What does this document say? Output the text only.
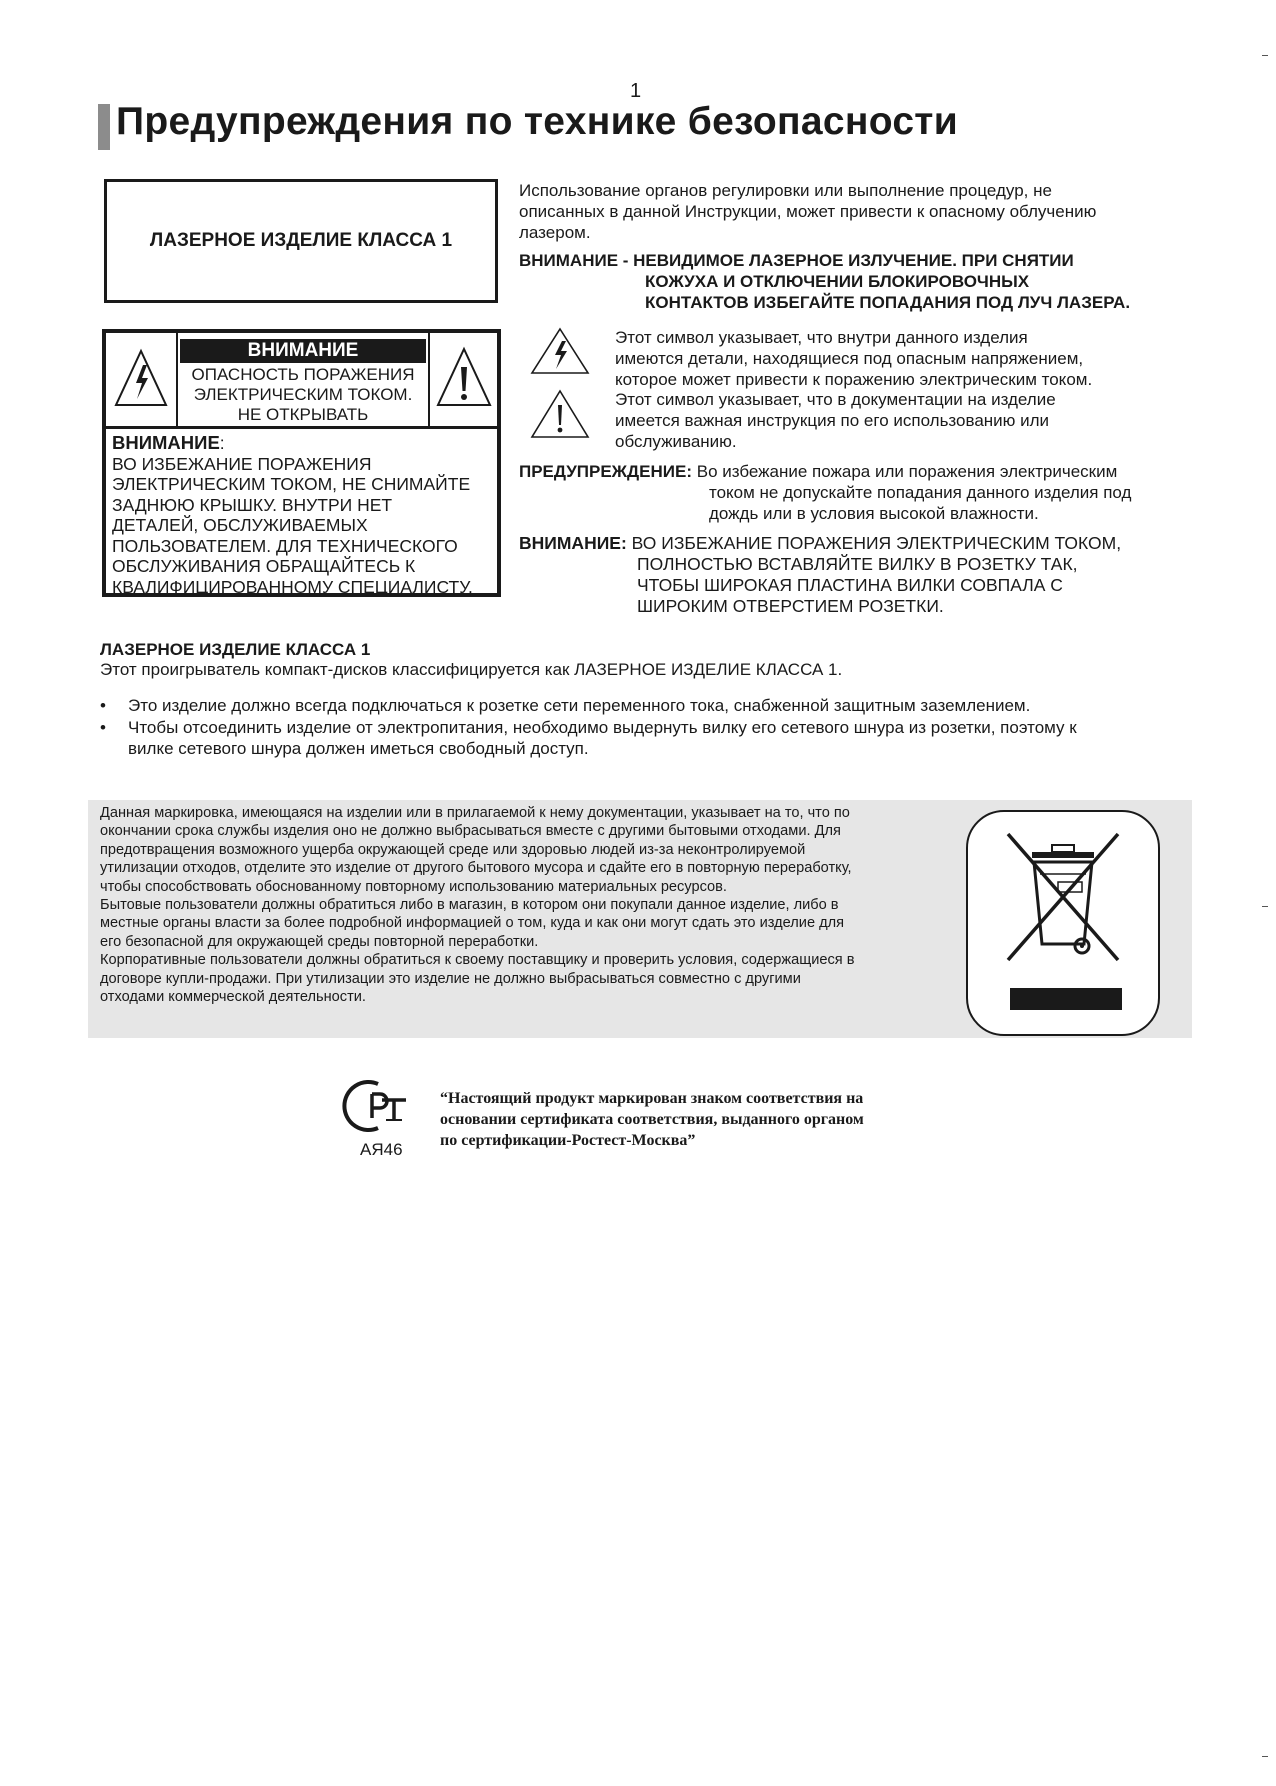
1
Предупреждения по технике безопасности
ЛАЗЕРНОЕ ИЗДЕЛИЕ КЛАССА 1
ВНИМАНИЕ
ОПАСНОСТЬ ПОРАЖЕНИЯ
ЭЛЕКТРИЧЕСКИМ ТОКОМ.
НЕ ОТКРЫВАТЬ
ВНИМАНИЕ:
ВО ИЗБЕЖАНИЕ ПОРАЖЕНИЯ
ЭЛЕКТРИЧЕСКИМ ТОКОМ, НЕ СНИМАЙТЕ
ЗАДНЮЮ КРЫШКУ. ВНУТРИ НЕТ
ДЕТАЛЕЙ, ОБСЛУЖИВАЕМЫХ
ПОЛЬЗОВАТЕЛЕМ. ДЛЯ ТЕХНИЧЕСКОГО
ОБСЛУЖИВАНИЯ ОБРАЩАЙТЕСЬ К
КВАЛИФИЦИРОВАННОМУ СПЕЦИАЛИСТУ.
Использование органов регулировки или выполнение процедур, не
описанных в данной Инструкции, может привести к опасному облучению
лазером.
ВНИМАНИЕ - НЕВИДИМОЕ ЛАЗЕРНОЕ ИЗЛУЧЕНИЕ. ПРИ СНЯТИИ
КОЖУХА И ОТКЛЮЧЕНИИ БЛОКИРОВОЧНЫХ
КОНТАКТОВ ИЗБЕГАЙТЕ ПОПАДАНИЯ ПОД ЛУЧ ЛАЗЕРА.
Этот символ указывает, что внутри данного изделия
имеются детали, находящиеся под опасным напряжением,
которое может привести к поражению электрическим током.
Этот символ указывает, что в документации на изделие
имеется важная инструкция по его использованию или
обслуживанию.
ПРЕДУПРЕЖДЕНИЕ: Во избежание пожара или поражения электрическим
током не допускайте попадания данного изделия под
дождь или в условия высокой влажности.
ВНИМАНИЕ: ВО ИЗБЕЖАНИЕ ПОРАЖЕНИЯ ЭЛЕКТРИЧЕСКИМ ТОКОМ,
ПОЛНОСТЬЮ ВСТАВЛЯЙТЕ ВИЛКУ В РОЗЕТКУ ТАК,
ЧТОБЫ ШИРОКАЯ ПЛАСТИНА ВИЛКИ СОВПАЛА С
ШИРОКИМ ОТВЕРСТИЕМ РОЗЕТКИ.
ЛАЗЕРНОЕ ИЗДЕЛИЕ КЛАССА 1
Этот проигрыватель компакт-дисков классифицируется как ЛАЗЕРНОЕ ИЗДЕЛИЕ КЛАССА 1.
•	Это изделие должно всегда подключаться к розетке сети переменного тока, снабженной защитным заземлением.
•	Чтобы отсоединить изделие от электропитания, необходимо выдернуть вилку его сетевого шнура из розетки, поэтому к
вилке сетевого шнура должен иметься свободный доступ.
Данная маркировка, имеющаяся на изделии или в прилагаемой к нему документации, указывает на то, что по
окончании срока службы изделия оно не должно выбрасываться вместе с другими бытовыми отходами. Для
предотвращения возможного ущерба окружающей среде или здоровью людей из-за неконтролируемой
утилизации отходов, отделите это изделие от другого бытового мусора и сдайте его в повторную переработку,
чтобы способствовать обоснованному повторному использованию материальных ресурсов.
Бытовые пользователи должны обратиться либо в магазин, в котором они покупали данное изделие, либо в
местные органы власти за более подробной информацией о том, куда и как они могут сдать это изделие для
его безопасной для окружающей среды повторной переработки.
Корпоративные пользователи должны обратиться к своему поставщику и проверить условия, содержащиеся в
договоре купли-продажи. При утилизации это изделие не должно выбрасываться совместно с другими
отходами коммерческой деятельности.
АЯ46
“Настоящий продукт маркирован знаком соответствия на
основании сертификата соответствия, выданного органом
по сертификации-Ростест-Москва”
